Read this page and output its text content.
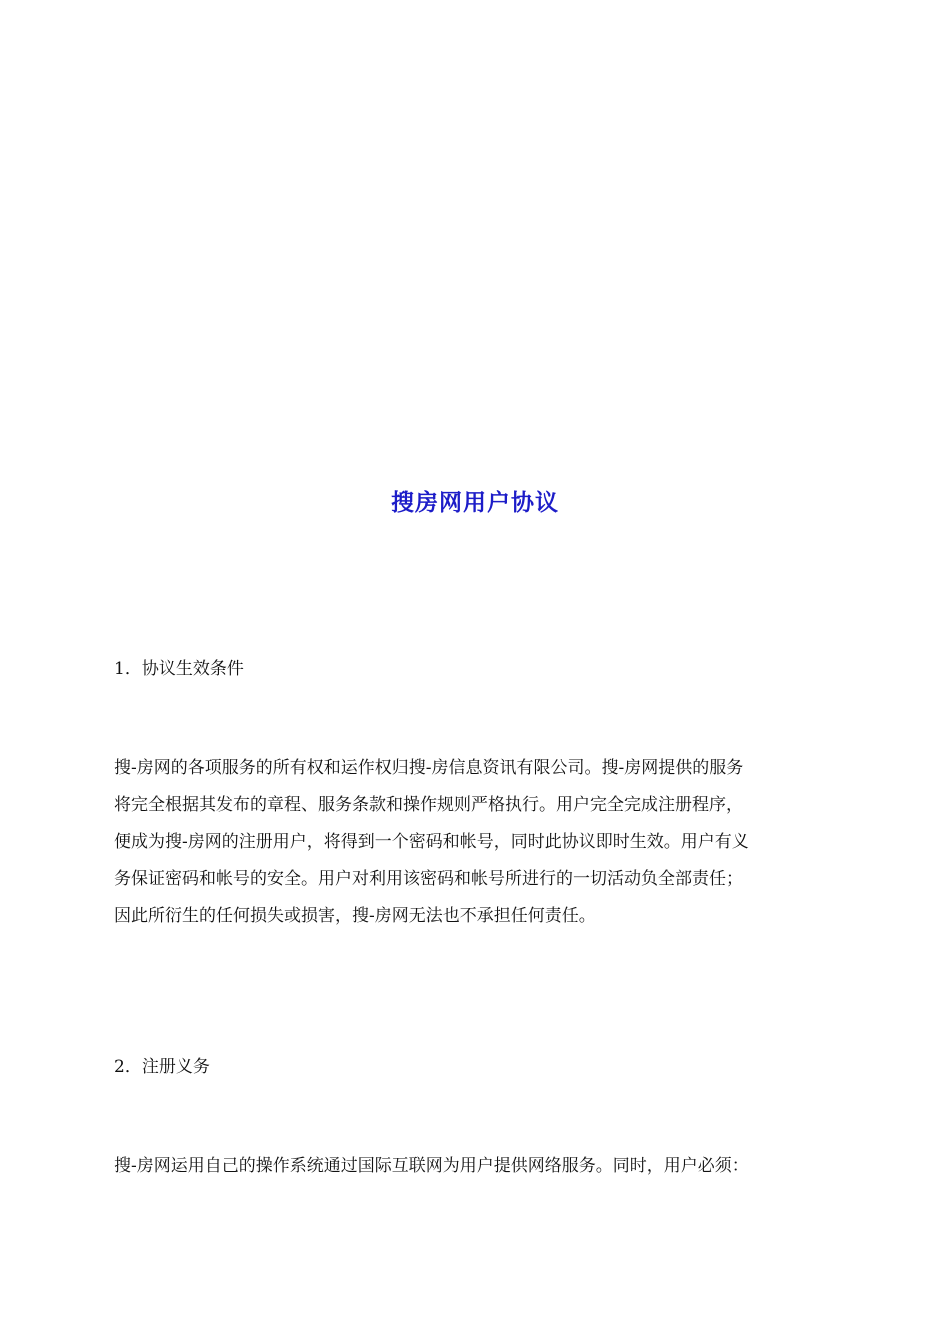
搜房网用户协议
1．协议生效条件

搜-房网的各项服务的所有权和运作权归搜-房信息资讯有限公司。搜-房网提供的服务
将完全根据其发布的章程、服务条款和操作规则严格执行。用户完全完成注册程序，
便成为搜-房网的注册用户，将得到一个密码和帐号，同时此协议即时生效。用户有义
务保证密码和帐号的安全。用户对利用该密码和帐号所进行的一切活动负全部责任；
因此所衍生的任何损失或损害，搜-房网无法也不承担任何责任。

2．注册义务

搜-房网运用自己的操作系统通过国际互联网为用户提供网络服务。同时，用户必须：
